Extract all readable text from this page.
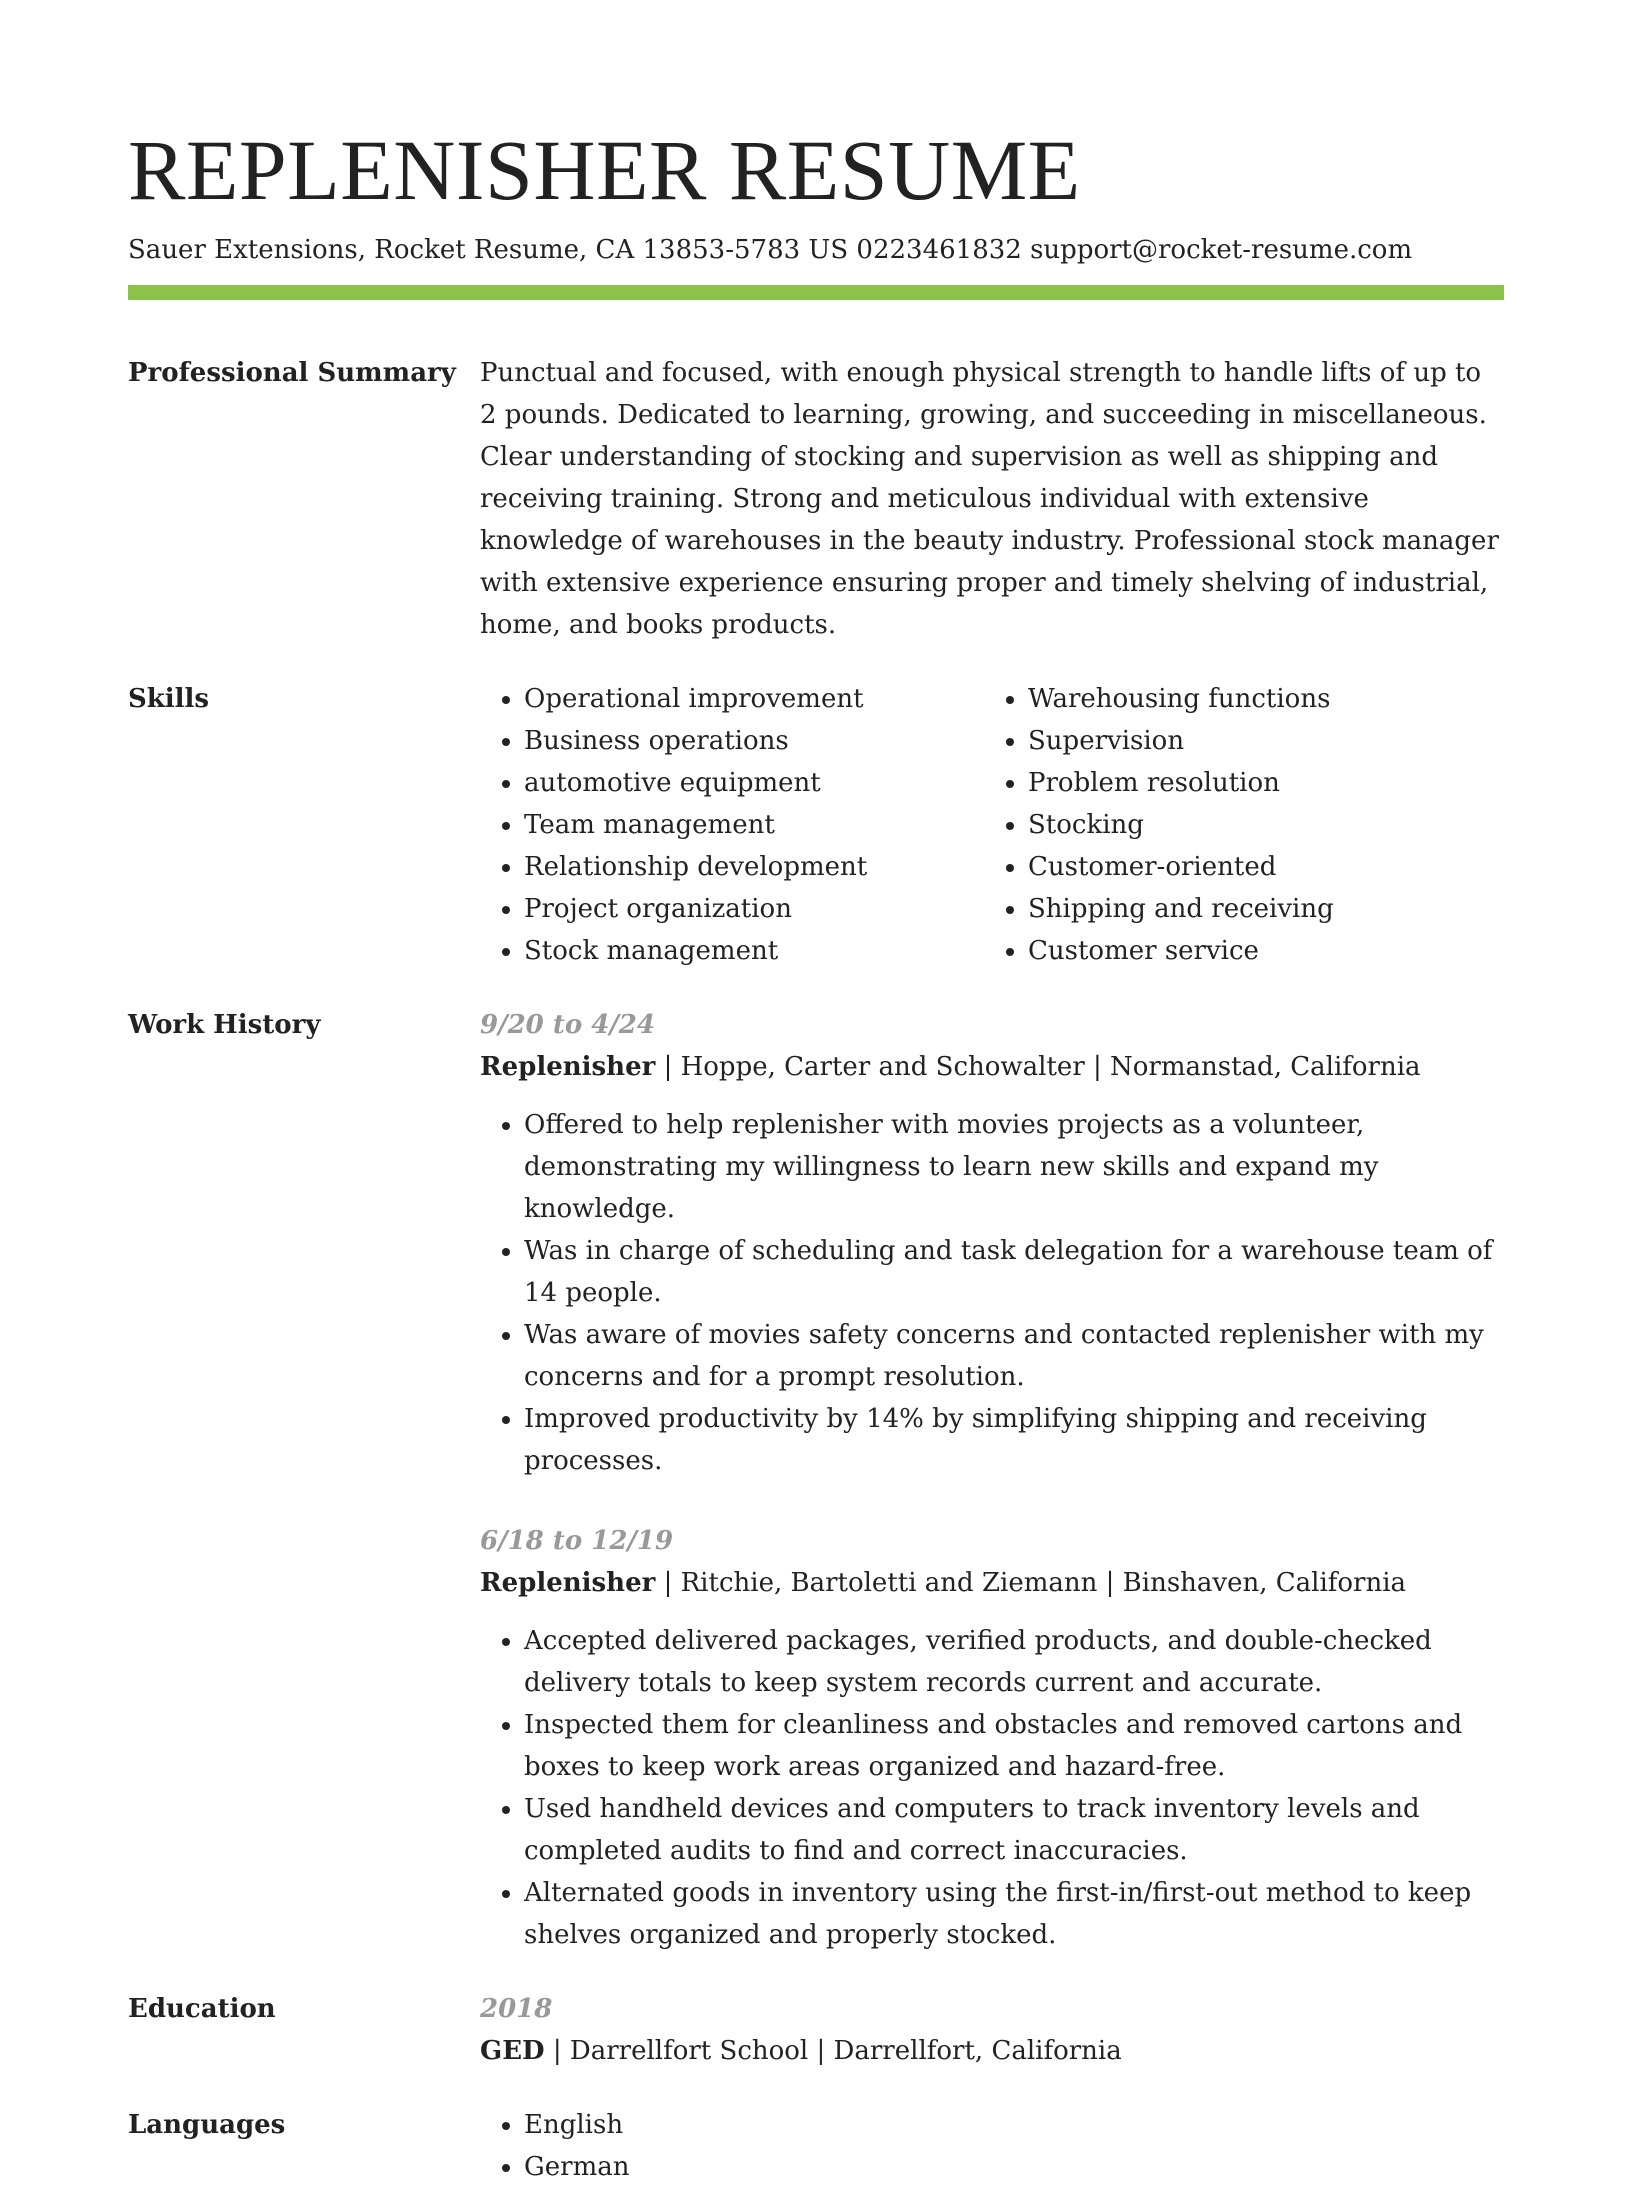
REPLENISHER RESUME
Sauer Extensions, Rocket Resume, CA 13853-5783 US 0223461832 support@rocket-resume.com
Professional Summary Punctual and focused, with enough physical strength to handle lifts of up to 2 pounds. Dedicated to learning, growing, and succeeding in miscellaneous. Clear understanding of stocking and supervision as well as shipping and receiving training. Strong and meticulous individual with extensive knowledge of warehouses in the beauty industry. Professional stock manager with extensive experience ensuring proper and timely shelving of industrial, home, and books products.

Skills	• Operational improvement
• Business operations
• automotive equipment
• Team management
• Relationship development
• Project organization
• Stock management
• Warehousing functions
• Supervision
• Problem resolution
• Stocking
• Customer-oriented
• Shipping and receiving
• Customer service
Work History	9/20 to 4/24
Replenisher | Hoppe, Carter and Schowalter | Normanstad, California
• Offered to help replenisher with movies projects as a volunteer, demonstrating my willingness to learn new skills and expand my knowledge.
• Was in charge of scheduling and task delegation for a warehouse team of 14 people.
• Was aware of movies safety concerns and contacted replenisher with my concerns and for a prompt resolution.
• Improved productivity by 14% by simplifying shipping and receiving processes.
6/18 to 12/19
Replenisher | Ritchie, Bartoletti and Ziemann | Binshaven, California
• Accepted delivered packages, verified products, and double-checked delivery totals to keep system records current and accurate.
• Inspected them for cleanliness and obstacles and removed cartons and boxes to keep work areas organized and hazard-free.
• Used handheld devices and computers to track inventory levels and completed audits to find and correct inaccuracies.
• Alternated goods in inventory using the first-in/first-out method to keep shelves organized and properly stocked.
Education	2018
GED | Darrellfort School | Darrellfort, California
Languages	• English
• German
